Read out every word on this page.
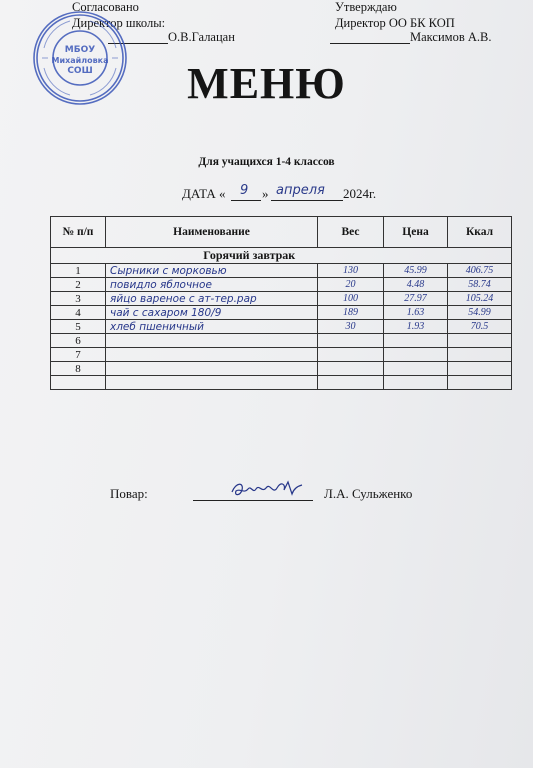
Согласовано
Директор школы:
О.В.Галацан
Утверждаю
Директор ОО БК КОП
Максимов А.В.
МБОУ
Михайловка
СОШ	МЕНЮ
Для учащихся 1-4 классов
ДАТА « 9 » апреля 2024г.
№ п/п	Наименование	Вес	Цена	Ккал
Горячий завтрак				
1	Сырники с морковью	130	45.99	406.75
2	повидло яблочное	20	4.48	58.74
3	яйцо вареное с ат-тер.рар	100	27.97	105.24
4	чай с сахаром 180/9	189	1.63	54.99
5	хлеб пшеничный	30	1.93	70.5
6				
7				
8				

Повар:	Л.А. Сульженко
